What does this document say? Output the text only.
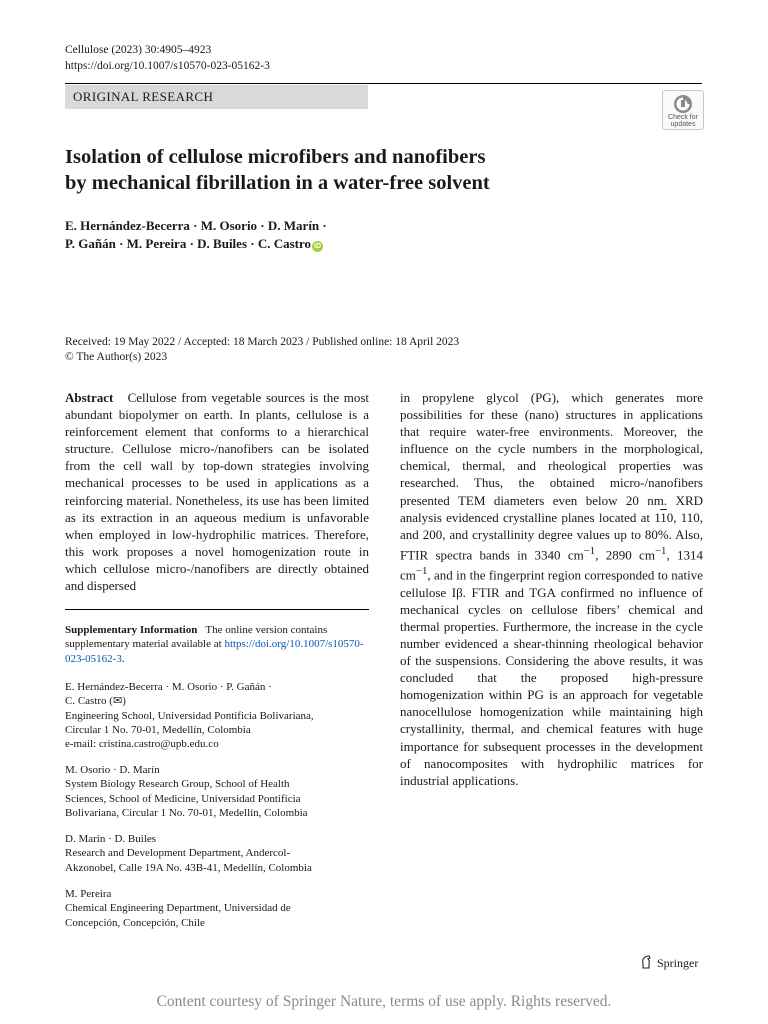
Cellulose (2023) 30:4905–4923
https://doi.org/10.1007/s10570-023-05162-3
ORIGINAL RESEARCH
Check for updates
Isolation of cellulose microfibers and nanofibers
by mechanical fibrillation in a water-free solvent
E. Hernández-Becerra · M. Osorio · D. Marín ·
P. Gañán · M. Pereira · D. Builes · C. Castro iD
Received: 19 May 2022 / Accepted: 18 March 2023 / Published online: 18 April 2023
© The Author(s) 2023
Abstract Cellulose from vegetable sources is the most abundant biopolymer on earth. In plants, cellulose is a reinforcement element that conforms to a hierarchical structure. Cellulose micro-/nanofibers can be isolated from the cell wall by top-down strategies involving mechanical processes to be used in applications as a reinforcing material. Nonetheless, its use has been limited as its extraction in an aqueous medium is unfavorable when employed in low-hydrophilic matrices. Therefore, this work proposes a novel homogenization route in which cellulose micro-/nanofibers are directly obtained and dispersed
in propylene glycol (PG), which generates more possibilities for these (nano) structures in applications that require water-free environments. Moreover, the influence on the cycle numbers in the morphological, chemical, thermal, and rheological properties was researched. Thus, the obtained micro-/nanofibers presented TEM diameters even below 20 nm. XRD analysis evidenced crystalline planes located at 110, 110, and 200, and crystallinity degree values up to 80%. Also, FTIR spectra bands in 3340 $cm^{-1}$, 2890 $cm^{-1}$, 1314 $cm^{-1}$, and in the fingerprint region corresponded to native cellulose Iβ. FTIR and TGA confirmed no influence of mechanical cycles on cellulose fibers’ chemical and thermal properties. Furthermore, the increase in the cycle number evidenced a shear-thinning rheological behavior of the suspensions. Considering the above results, it was concluded that the proposed high-pressure homogenization within PG is an approach for vegetable nanocellulose homogenization while maintaining high crystallinity, thermal, and chemical features with huge importance for subsequent processes in the development of nanocomposites with hydrophilic matrices for industrial applications.
Supplementary Information The online version contains supplementary material available at https://doi.org/10.1007/s10570-023-05162-3.
E. Hernández-Becerra · M. Osorio · P. Gañán ·
C. Castro (✉)
Engineering School, Universidad Pontificia Bolivariana,
Circular 1 No. 70-01, Medellín, Colombia
e-mail: cristina.castro@upb.edu.co
M. Osorio · D. Marín
System Biology Research Group, School of Health
Sciences, School of Medicine, Universidad Pontificia
Bolivariana, Circular 1 No. 70-01, Medellín, Colombia
D. Marín · D. Builes
Research and Development Department, Andercol-
Akzonobel, Calle 19A No. 43B-41, Medellín, Colombia
M. Pereira
Chemical Engineering Department, Universidad de
Concepción, Concepción, Chile
Springer
Content courtesy of Springer Nature, terms of use apply. Rights reserved.
